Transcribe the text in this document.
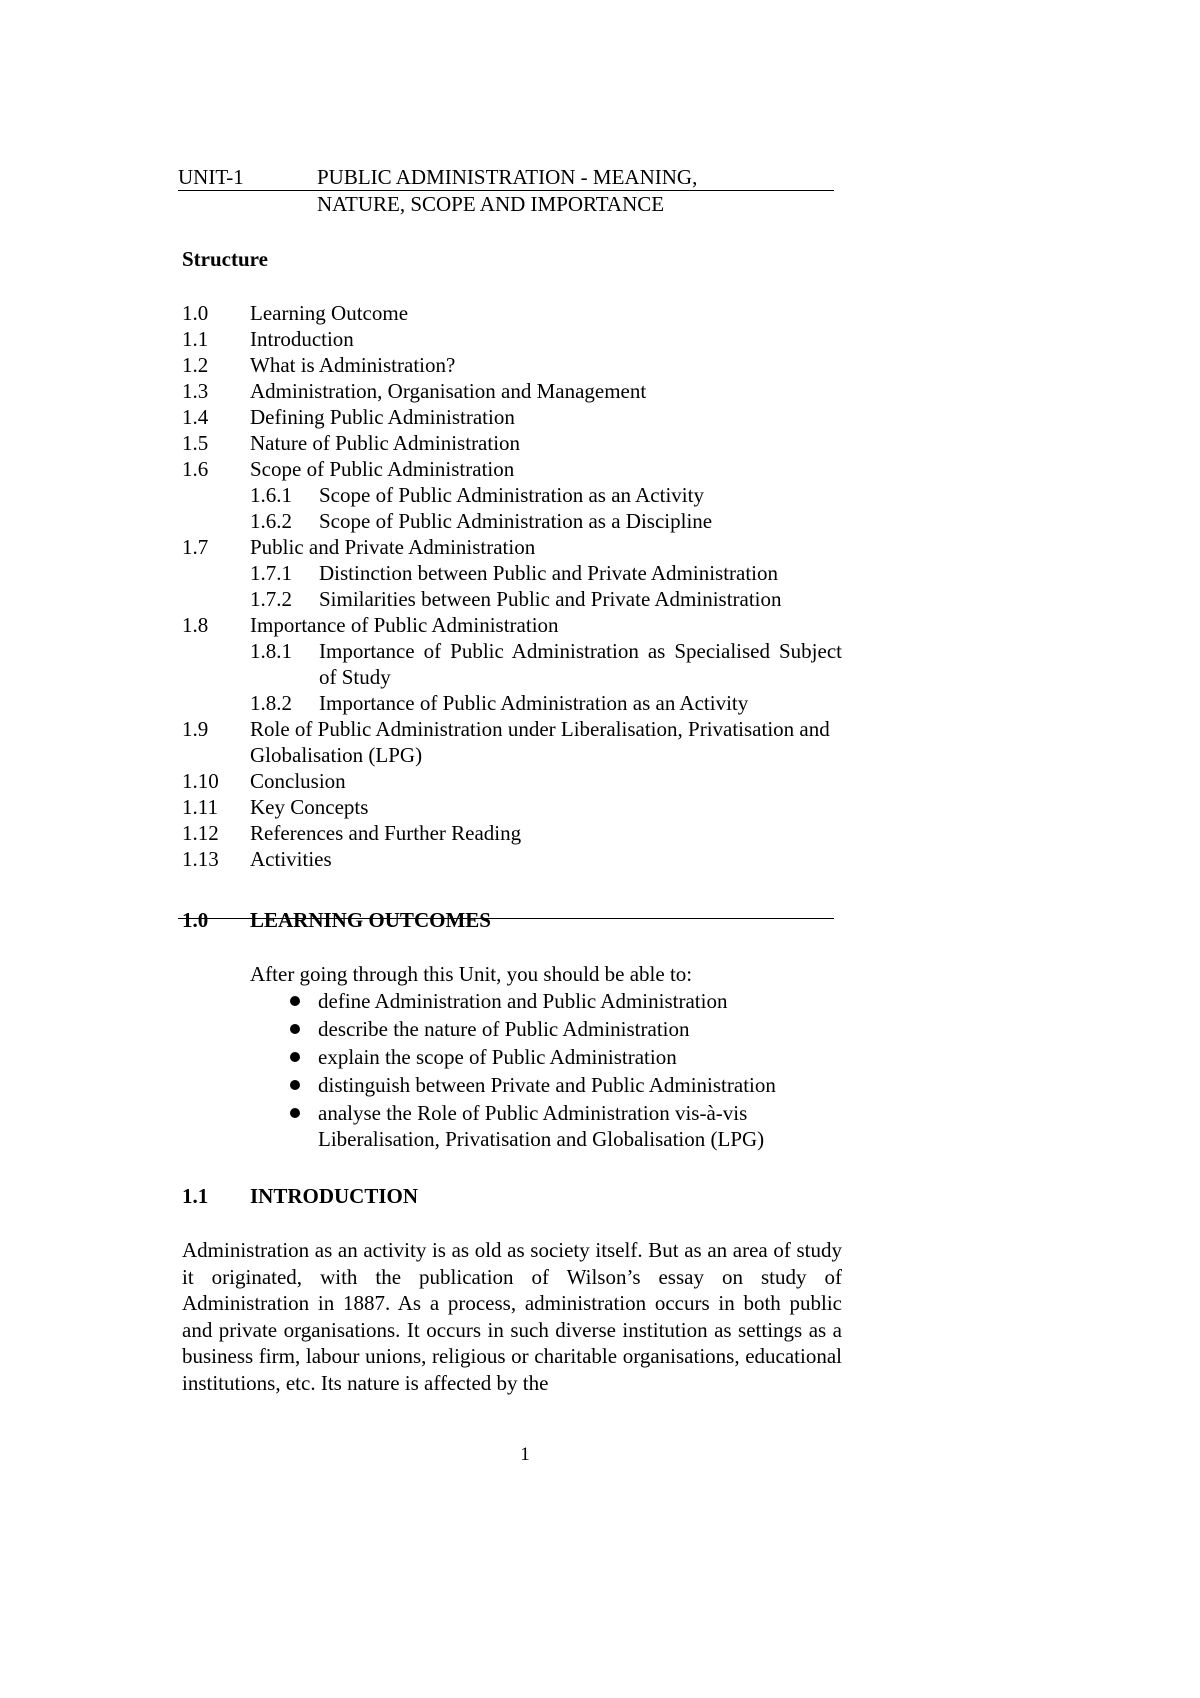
UNIT-1	PUBLIC ADMINISTRATION - MEANING,
NATURE, SCOPE AND IMPORTANCE
Structure
1.0 Learning Outcome
1.1 Introduction
1.2 What is Administration?
1.3 Administration, Organisation and Management
1.4 Defining Public Administration
1.5 Nature of Public Administration
1.6 Scope of Public Administration
1.6.1 Scope of Public Administration as an Activity
1.6.2 Scope of Public Administration as a Discipline
1.7 Public and Private Administration
1.7.1 Distinction between Public and Private Administration
1.7.2 Similarities between Public and Private Administration
1.8 Importance of Public Administration
1.8.1 Importance of Public Administration as Specialised Subject of Study
1.8.2 Importance of Public Administration as an Activity
1.9 Role of Public Administration under Liberalisation, Privatisation and Globalisation (LPG)
1.10 Conclusion
1.11 Key Concepts
1.12 References and Further Reading
1.13 Activities
1.0 LEARNING OUTCOMES
After going through this Unit, you should be able to:
define Administration and Public Administration
describe the nature of Public Administration
explain the scope of Public Administration
distinguish between Private and Public Administration
analyse the Role of Public Administration vis-à-vis Liberalisation, Privatisation and Globalisation (LPG)
1.1 INTRODUCTION

Administration as an activity is as old as society itself. But as an area of study it originated, with the publication of Wilson’s essay on study of Administration in 1887. As a process, administration occurs in both public and private organisations. It occurs in such diverse institution as settings as a business firm, labour unions, religious or charitable organisations, educational institutions, etc. Its nature is affected by the

1
